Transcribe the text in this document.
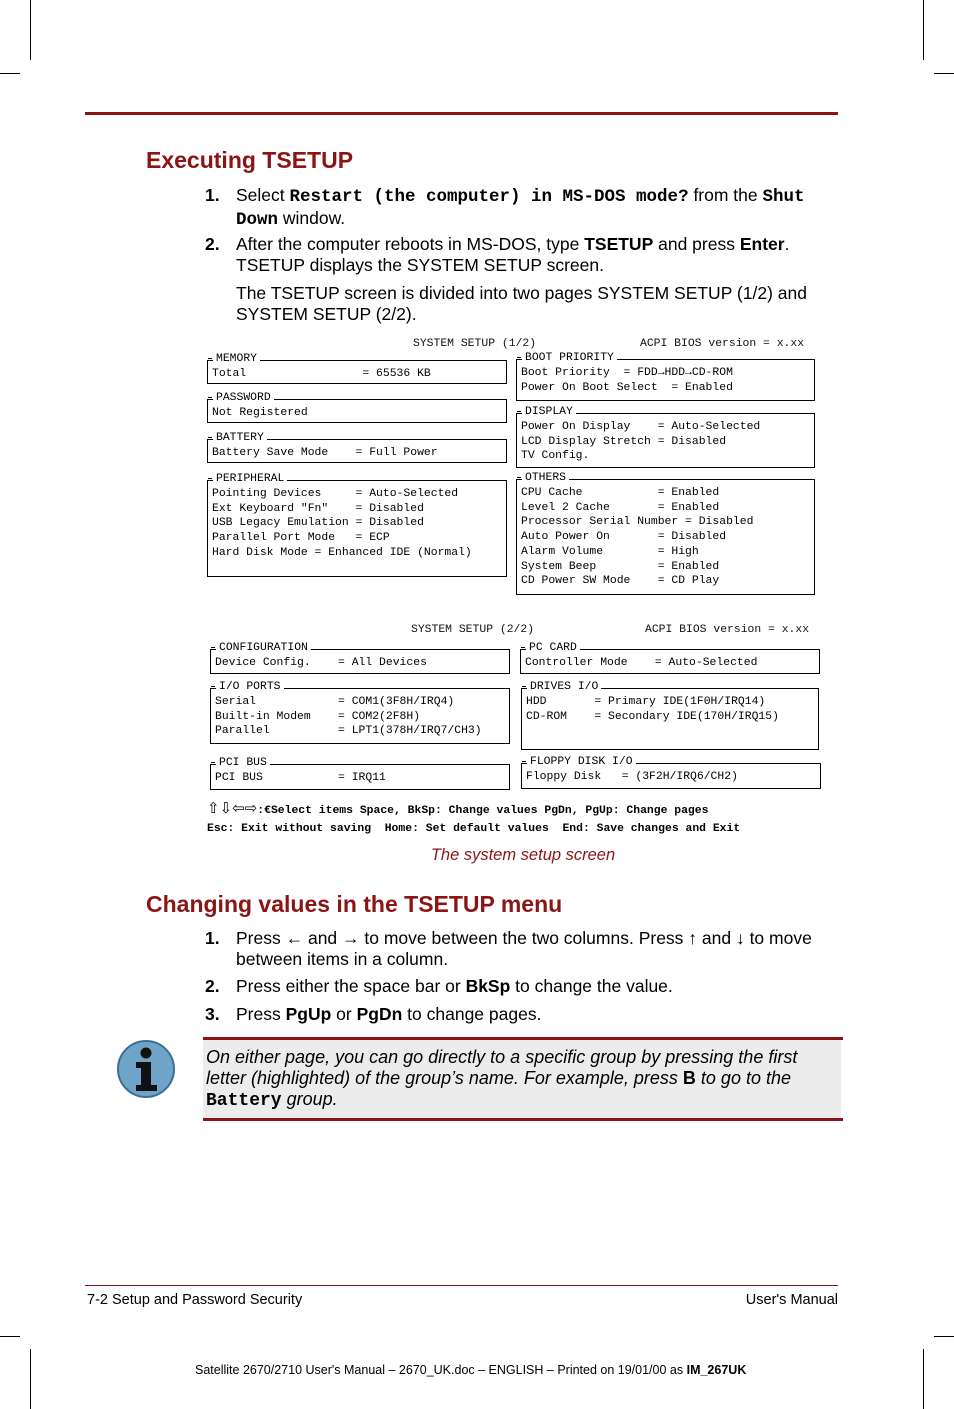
Executing TSETUP
1. Select Restart (the computer) in MS-DOS mode? from the Shut Down window.
2. After the computer reboots in MS-DOS, type TSETUP and press Enter. TSETUP displays the SYSTEM SETUP screen.
The TSETUP screen is divided into two pages SYSTEM SETUP (1/2) and SYSTEM SETUP (2/2).
SYSTEM SETUP (1/2)	ACPI BIOS version = x.xx
MEMORY
Total                 = 65536 KB
PASSWORD
Not Registered
BATTERY
Battery Save Mode    = Full Power
PERIPHERAL
Pointing Devices     = Auto-Selected
Ext Keyboard "Fn"    = Disabled
USB Legacy Emulation = Disabled
Parallel Port Mode   = ECP
Hard Disk Mode = Enhanced IDE (Normal)
BOOT PRIORITY
Boot Priority  = FDD→HDD→CD-ROM
Power On Boot Select  = Enabled
DISPLAY
Power On Display    = Auto-Selected
LCD Display Stretch = Disabled
TV Config.
OTHERS
CPU Cache           = Enabled
Level 2 Cache       = Enabled
Processor Serial Number = Disabled
Auto Power On       = Disabled
Alarm Volume        = High
System Beep         = Enabled
CD Power SW Mode    = CD Play
SYSTEM SETUP (2/2)	ACPI BIOS version = x.xx
CONFIGURATION
Device Config.    = All Devices
I/O PORTS
Serial            = COM1(3F8H/IRQ4)
Built-in Modem    = COM2(2F8H)
Parallel          = LPT1(378H/IRQ7/CH3)
PCI BUS
PCI BUS           = IRQ11
PC CARD
Controller Mode    = Auto-Selected
DRIVES I/O
HDD       = Primary IDE(1F0H/IRQ14)
CD-ROM    = Secondary IDE(170H/IRQ15)
FLOPPY DISK I/O
Floppy Disk   = (3F2H/IRQ6/CH2)
⇧⇩⇦⇨:€Select items Space, BkSp: Change values PgDn, PgUp: Change pages
Esc: Exit without saving  Home: Set default values  End: Save changes and Exit
The system setup screen
Changing values in the TSETUP menu
1. Press ← and → to move between the two columns. Press ↑ and ↓ to move between items in a column.
2. Press either the space bar or BkSp to change the value.
3. Press PgUp or PgDn to change pages.
On either page, you can go directly to a specific group by pressing the first letter (highlighted) of the group’s name. For example, press B to go to the Battery group.
7-2 Setup and Password Security	User's Manual
Satellite 2670/2710 User's Manual – 2670_UK.doc – ENGLISH – Printed on 19/01/00 as IM_267UK
